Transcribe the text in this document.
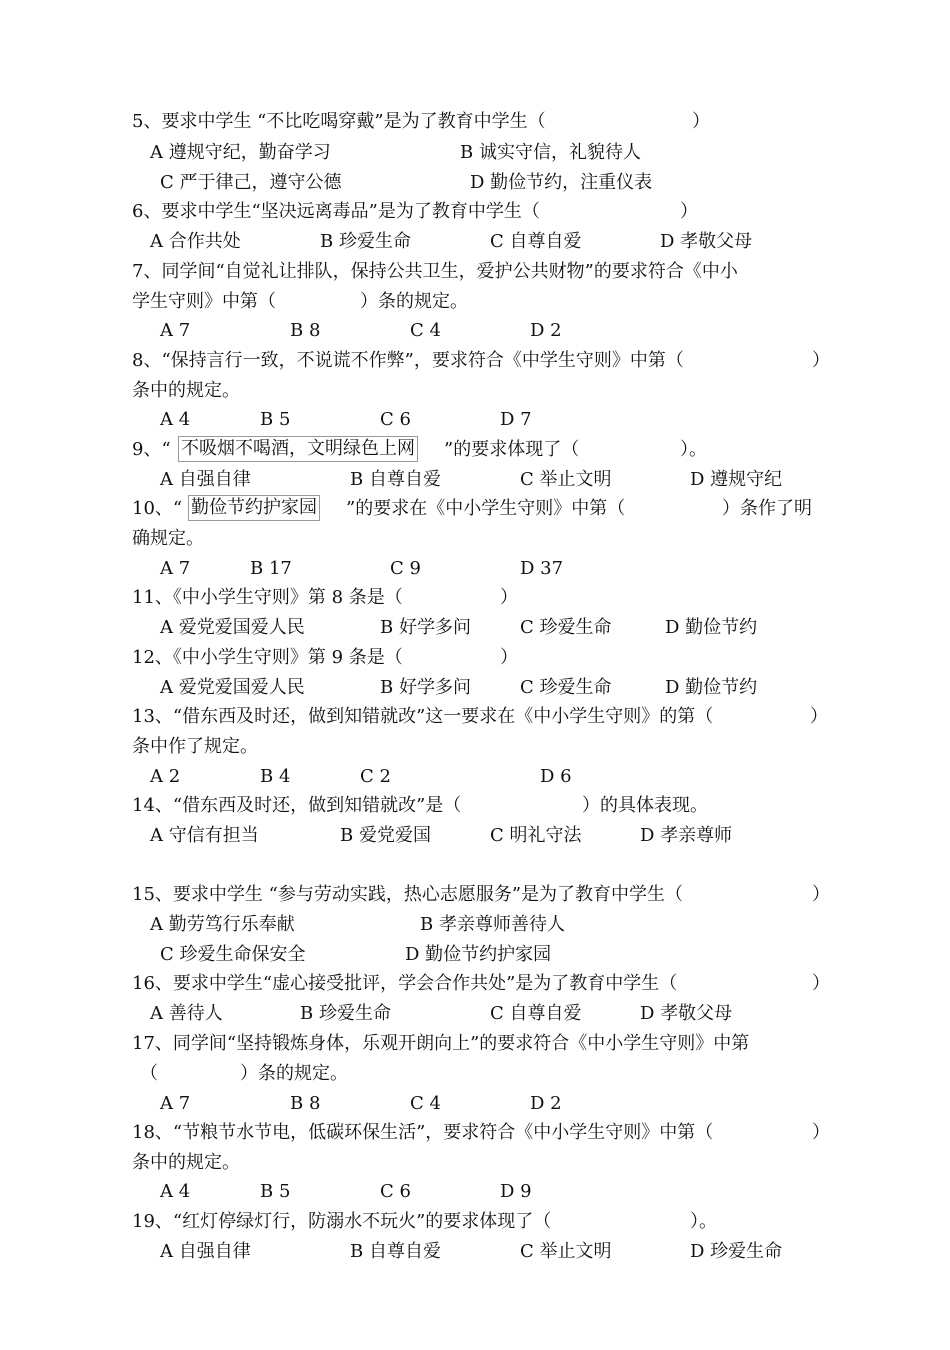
5、要求中学生 “不比吃喝穿戴”是为了教育中学生（	）
A 遵规守纪，勤奋学习	B 诚实守信，礼貌待人
C 严于律己，遵守公德	D 勤俭节约，注重仪表
6、要求中学生“坚决远离毒品”是为了教育中学生（	）
A 合作共处	B 珍爱生命	C 自尊自爱	D 孝敬父母
7、同学间“自觉礼让排队，保持公共卫生，爱护公共财物”的要求符合《中小
学生守则》中第（	）条的规定。
A 7	B 8	C 4	D 2
8、“保持言行一致，不说谎不作弊”，要求符合《中学生守则》中第（	）
条中的规定。
A 4	B 5	C 6	D 7
9、“ 不吸烟不喝酒，文明绿色上网 ”的要求体现了（	）。
A 自强自律	B 自尊自爱	C 举止文明	D 遵规守纪
10、“ 勤俭节约护家园 ”的要求在《中小学生守则》中第（	）条作了明
确规定。
A 7	B 17	C 9	D 37
11、《中小学生守则》第 8 条是（	）
A 爱党爱国爱人民	B 好学多问	C 珍爱生命	D 勤俭节约
12、《中小学生守则》第 9 条是（	）
A 爱党爱国爱人民	B 好学多问	C 珍爱生命	D 勤俭节约
13、“借东西及时还，做到知错就改”这一要求在《中小学生守则》的第（	）
条中作了规定。
A 2	B 4	C 2	D 6
14、“借东西及时还，做到知错就改”是（	）的具体表现。
A 守信有担当	B 爱党爱国	C 明礼守法	D 孝亲尊师
15、要求中学生 “参与劳动实践，热心志愿服务”是为了教育中学生（	）
A 勤劳笃行乐奉献	B 孝亲尊师善待人
C 珍爱生命保安全	D 勤俭节约护家园
16、要求中学生“虚心接受批评，学会合作共处”是为了教育中学生（	）
A 善待人	B 珍爱生命	C 自尊自爱	D 孝敬父母
17、同学间“坚持锻炼身体，乐观开朗向上”的要求符合《中小学生守则》中第
（	）条的规定。
A 7	B 8	C 4	D 2
18、“节粮节水节电，低碳环保生活”，要求符合《中小学生守则》中第（	）
条中的规定。
A 4	B 5	C 6	D 9
19、“红灯停绿灯行，防溺水不玩火”的要求体现了（	）。
A 自强自律	B 自尊自爱	C 举止文明	D 珍爱生命
